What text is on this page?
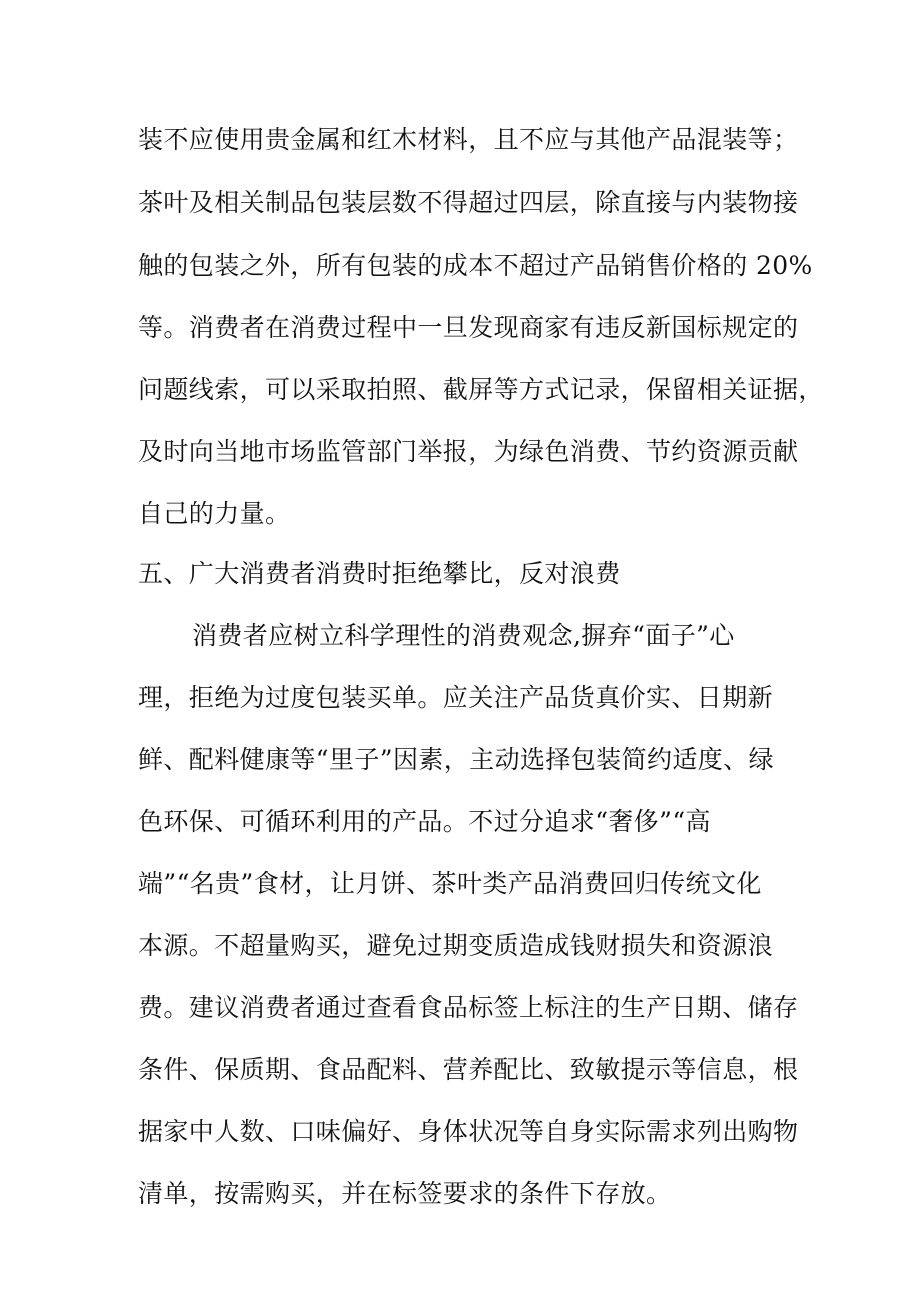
装不应使用贵金属和红木材料，且不应与其他产品混装等；
茶叶及相关制品包装层数不得超过四层，除直接与内装物接
触的包装之外，所有包装的成本不超过产品销售价格的 20%
等。消费者在消费过程中一旦发现商家有违反新国标规定的
问题线索，可以采取拍照、截屏等方式记录，保留相关证据，
及时向当地市场监管部门举报，为绿色消费、节约资源贡献
自己的力量。
五、广大消费者消费时拒绝攀比，反对浪费
消费者应树立科学理性的消费观念,摒弃“面子”心
理，拒绝为过度包装买单。应关注产品货真价实、日期新
鲜、配料健康等“里子”因素，主动选择包装简约适度、绿
色环保、可循环利用的产品。不过分追求“奢侈”“高
端”“名贵”食材，让月饼、茶叶类产品消费回归传统文化
本源。不超量购买，避免过期变质造成钱财损失和资源浪
费。建议消费者通过查看食品标签上标注的生产日期、储存
条件、保质期、食品配料、营养配比、致敏提示等信息，根
据家中人数、口味偏好、身体状况等自身实际需求列出购物
清单，按需购买，并在标签要求的条件下存放。
